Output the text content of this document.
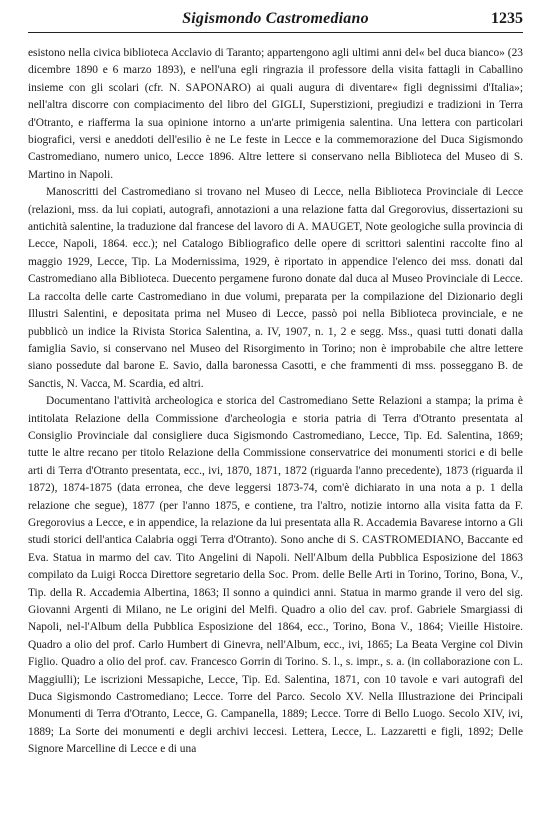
Sigismondo Castromediano	1235

esistono nella civica biblioteca Acclavio di Taranto; appartengono agli ultimi anni del« bel duca bianco» (23 dicembre 1890 e 6 marzo 1893), e nell'una egli ringrazia il professore della visita fattagli in Caballino insieme con gli scolari (cfr. N. SAPONARO) ai quali augura di diventare« figli degnissimi d'Italia»; nell'altra discorre con compiacimento del libro del GIGLI, Superstizioni, pregiudizi e tradizioni in Terra d'Otranto, e riafferma la sua opinione intorno a un'arte primigenia salentina. Una lettera con particolari biografici, versi e aneddoti dell'esilio è ne Le feste in Lecce e la commemorazione del Duca Sigismondo Castromediano, numero unico, Lecce 1896. Altre lettere si conservano nella Biblioteca del Museo di S. Martino in Napoli.

Manoscritti del Castromediano si trovano nel Museo di Lecce, nella Biblioteca Provinciale di Lecce (relazioni, mss. da lui copiati, autografi, annotazioni a una relazione fatta dal Gregorovius, dissertazioni su antichità salentine, la traduzione dal francese del lavoro di A. MAUGET, Note geologiche sulla provincia di Lecce, Napoli, 1864. ecc.); nel Catalogo Bibliografico delle opere di scrittori salentini raccolte fino al maggio 1929, Lecce, Tip. La Modernissima, 1929, è riportato in appendice l'elenco dei mss. donati dal Castromediano alla Biblioteca. Duecento pergamene furono donate dal duca al Museo Provinciale di Lecce. La raccolta delle carte Castromediano in due volumi, preparata per la compilazione del Dizionario degli Illustri Salentini, e depositata prima nel Museo di Lecce, passò poi nella Biblioteca provinciale, e ne pubblicò un indice la Rivista Storica Salentina, a. IV, 1907, n. 1, 2 e segg. Mss., quasi tutti donati dalla famiglia Savio, si conservano nel Museo del Risorgimento in Torino; non è improbabile che altre lettere siano possedute dal barone E. Savio, dalla baronessa Casotti, e che frammenti di mss. posseggano B. de Sanctis, N. Vacca, M. Scardia, ed altri.

Documentano l'attività archeologica e storica del Castromediano Sette Relazioni a stampa; la prima è intitolata Relazione della Commissione d'archeologia e storia patria di Terra d'Otranto presentata al Consiglio Provinciale dal consigliere duca Sigismondo Castromediano, Lecce, Tip. Ed. Salentina, 1869; tutte le altre recano per titolo Relazione della Commissione conservatrice dei monumenti storici e di belle arti di Terra d'Otranto presentata, ecc., ivi, 1870, 1871, 1872 (riguarda l'anno precedente), 1873 (riguarda il 1872), 1874-1875 (data erronea, che deve leggersi 1873-74, com'è dichiarato in una nota a p. 1 della relazione che segue), 1877 (per l'anno 1875, e contiene, tra l'altro, notizie intorno alla visita fatta da F. Gregorovius a Lecce, e in appendice, la relazione da lui presentata alla R. Accademia Bavarese intorno a Gli studi storici dell'antica Calabria oggi Terra d'Otranto). Sono anche di S. CASTROMEDIANO, Baccante ed Eva. Statua in marmo del cav. Tito Angelini di Napoli. Nell'Album della Pubblica Esposizione del 1863 compilato da Luigi Rocca Direttore segretario della Soc. Prom. delle Belle Arti in Torino, Torino, Bona, V., Tip. della R. Accademia Albertina, 1863; Il sonno a quindici anni. Statua in marmo grande il vero del sig. Giovanni Argenti di Milano, ne Le origini del Melfi. Quadro a olio del cav. prof. Gabriele Smargiassi di Napoli, nel-l'Album della Pubblica Esposizione del 1864, ecc., Torino, Bona V., 1864; Vieille Histoire. Quadro a olio del prof. Carlo Humbert di Ginevra, nell'Album, ecc., ivi, 1865; La Beata Vergine col Divin Figlio. Quadro a olio del prof. cav. Francesco Gorrin di Torino. S. l., s. impr., s. a. (in collaborazione con L. Maggiulli); Le iscrizioni Messapiche, Lecce, Tip. Ed. Salentina, 1871, con 10 tavole e vari autografi del Duca Sigismondo Castromediano; Lecce. Torre del Parco. Secolo XV. Nella Illustrazione dei Principali Monumenti di Terra d'Otranto, Lecce, G. Campanella, 1889; Lecce. Torre di Bello Luogo. Secolo XIV, ivi, 1889; La Sorte dei monumenti e degli archivi leccesi. Lettera, Lecce, L. Lazzaretti e figli, 1892; Delle Signore Marcelline di Lecce e di una
